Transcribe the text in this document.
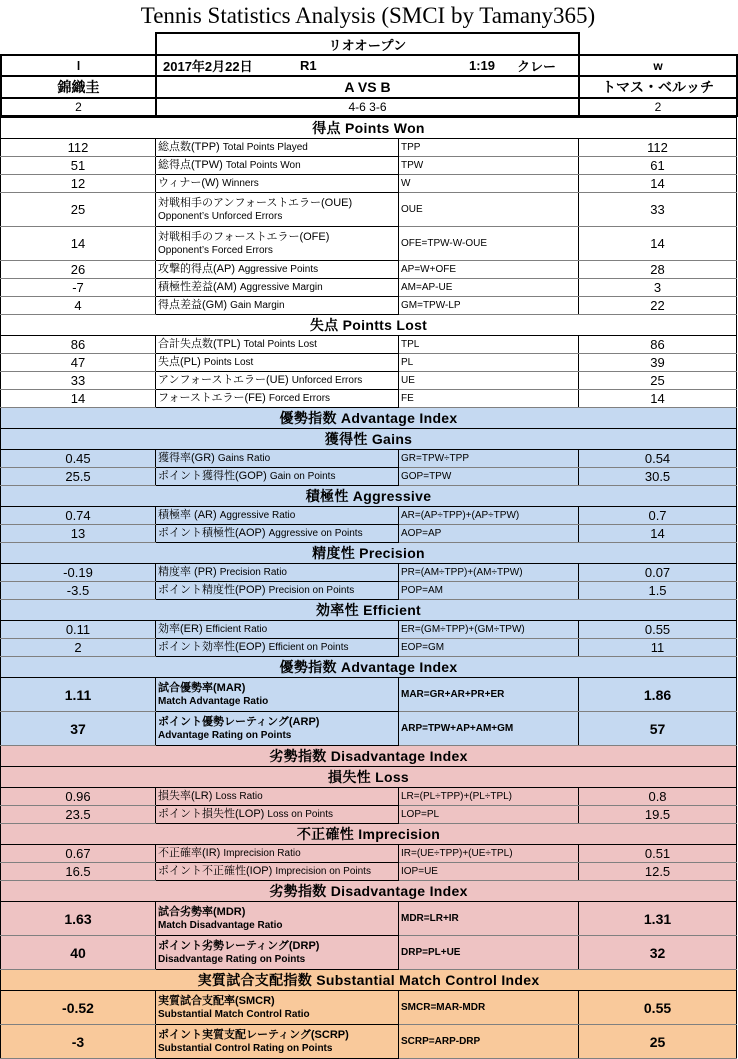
Tennis Statistics Analysis (SMCI by Tamany365)
	リオオープン	
l	2017年2月22日 R1 1:19 クレー	w
錦織圭	A VS B	トマス・ベルッチ
2	4-6 3-6	2
得点 Points Won			
112	総点数(TPP) Total Points Played	TPP	112
51	総得点(TPW) Total Points Won	TPW	61
12	ウィナー(W) Winners	W	14
25	対戦相手のアンフォーストエラー(OUE)
Opponent’s Unforced Errors	OUE	33
14	対戦相手のフォーストエラー(OFE)
Opponent’s Forced Errors	OFE=TPW-W-OUE	14
26	攻撃的得点(AP) Aggressive Points	AP=W+OFE	28
-7	積極性差益(AM) Aggressive Margin	AM=AP-UE	3
4	得点差益(GM) Gain Margin	GM=TPW-LP	22
失点 Pointts Lost			
86	合計失点数(TPL) Total Points Lost	TPL	86
47	失点(PL) Points Lost	PL	39
33	アンフォーストエラー(UE) Unforced Errors	UE	25
14	フォーストエラー(FE) Forced Errors	FE	14
優勢指数 Advantage Index			
獲得性 Gains			
0.45	獲得率(GR) Gains Ratio	GR=TPW÷TPP	0.54
25.5	ポイント獲得性(GOP) Gain on Points	GOP=TPW	30.5
積極性 Aggressive			
0.74	積極率 (AR) Aggressive Ratio	AR=(AP÷TPP)+(AP÷TPW)	0.7
13	ポイント積極性(AOP) Aggressive on Points	AOP=AP	14
精度性 Precision			
-0.19	精度率 (PR) Precision Ratio	PR=(AM÷TPP)+(AM÷TPW)	0.07
-3.5	ポイント精度性(POP) Precision on Points	POP=AM	1.5
効率性 Efficient			
0.11	効率(ER) Efficient Ratio	ER=(GM÷TPP)+(GM÷TPW)	0.55
2	ポイント効率性(EOP) Efficient on Points	EOP=GM	11
優勢指数 Advantage Index			
1.11	試合優勢率(MAR)
Match Advantage Ratio	MAR=GR+AR+PR+ER	1.86
37	ポイント優勢レーティング(ARP)
Advantage Rating on Points	ARP=TPW+AP+AM+GM	57
劣勢指数 Disadvantage Index			
損失性 Loss			
0.96	損失率(LR) Loss Ratio	LR=(PL÷TPP)+(PL÷TPL)	0.8
23.5	ポイント損失性(LOP) Loss on Points	LOP=PL	19.5
不正確性 Imprecision			
0.67	不正確率(IR) Imprecision Ratio	IR=(UE÷TPP)+(UE÷TPL)	0.51
16.5	ポイント不正確性(IOP) Imprecision on Points	IOP=UE	12.5
劣勢指数 Disadvantage Index			
1.63	試合劣勢率(MDR)
Match Disadvantage Ratio	MDR=LR+IR	1.31
40	ポイント劣勢レーティング(DRP)
Disadvantage Rating on Points	DRP=PL+UE	32
実質試合支配指数 Substantial Match Control Index			
-0.52	実質試合支配率(SMCR)
Substantial Match Control Ratio	SMCR=MAR-MDR	0.55
-3	ポイント実質支配レーティング(SCRP)
Substantial Control Rating on Points	SCRP=ARP-DRP	25
